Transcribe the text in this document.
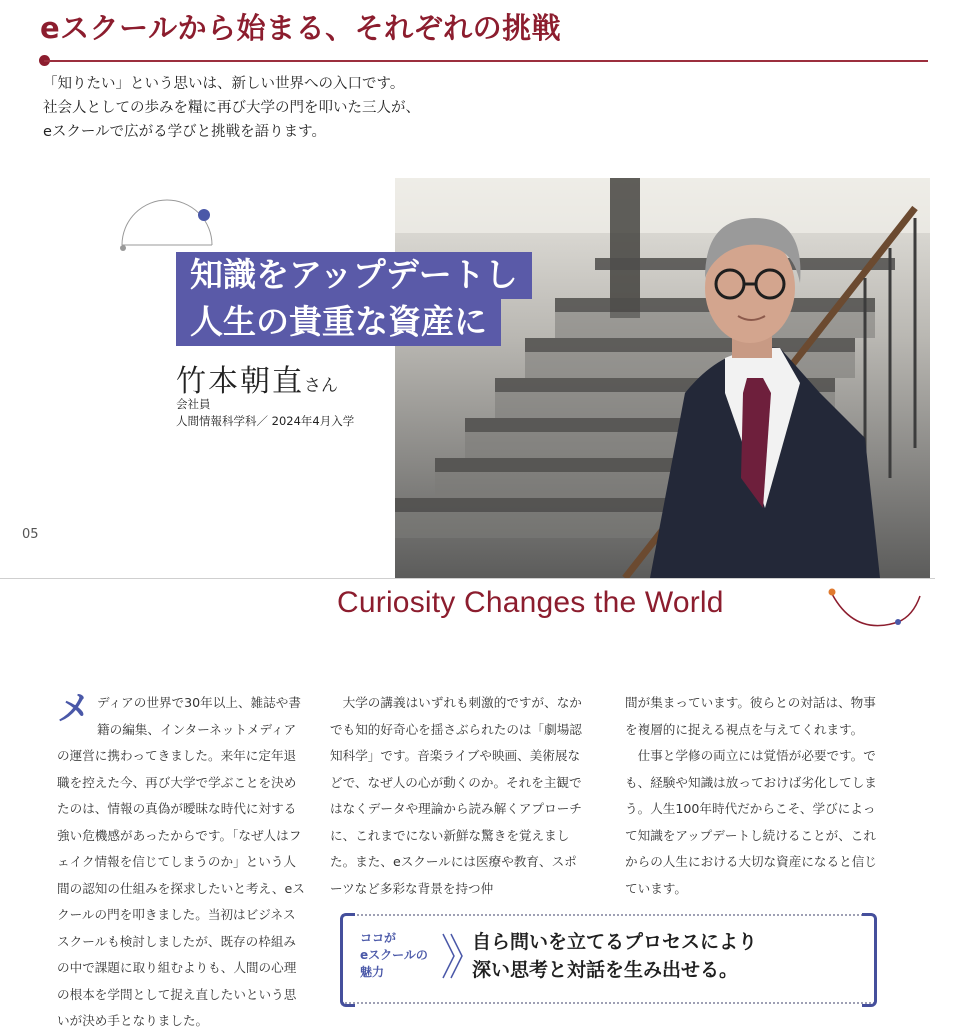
eスクールから始まる、それぞれの挑戦

「知りたい」という思いは、新しい世界への入口です。

社会人としての歩みを糧に再び大学の門を叩いた三人が、

eスクールで広がる学びと挑戦を語ります。

知識をアップデートし
人生の貴重な資産に
竹本朝直さん
会社員
人間情報科学科／ 2024年4月入学
05
Curiosity Changes the World
メ ディアの世界で30年以上、雑誌や書籍の編集、インターネットメディアの運営に携わってきました。来年に定年退職を控えた今、再び大学で学ぶことを決めたのは、情報の真偽が曖昧な時代に対する強い危機感があったからです。「なぜ人はフェイク情報を信じてしまうのか」という人間の認知の仕組みを探求したいと考え、eスクールの門を叩きました。当初はビジネススクールも検討しましたが、既存の枠組みの中で課題に取り組むよりも、人間の心理の根本を学問として捉え直したいという思いが決め手となりました。

大学の講義はいずれも刺激的ですが、なかでも知的好奇心を揺さぶられたのは「劇場認知科学」です。音楽ライブや映画、美術展などで、なぜ人の心が動くのか。それを主観ではなくデータや理論から読み解くアプローチに、これまでにない新鮮な驚きを覚えました。また、eスクールには医療や教育、スポーツなど多彩な背景を持つ仲

間が集まっています。彼らとの対話は、物事を複層的に捉える視点を与えてくれます。

仕事と学修の両立には覚悟が必要です。でも、経験や知識は放っておけば劣化してしまう。人生100年時代だからこそ、学びによって知識をアップデートし続けることが、これからの人生における大切な資産になると信じています。

ココが
eスクールの
魅力
自ら問いを立てるプロセスにより
深い思考と対話を生み出せる。
